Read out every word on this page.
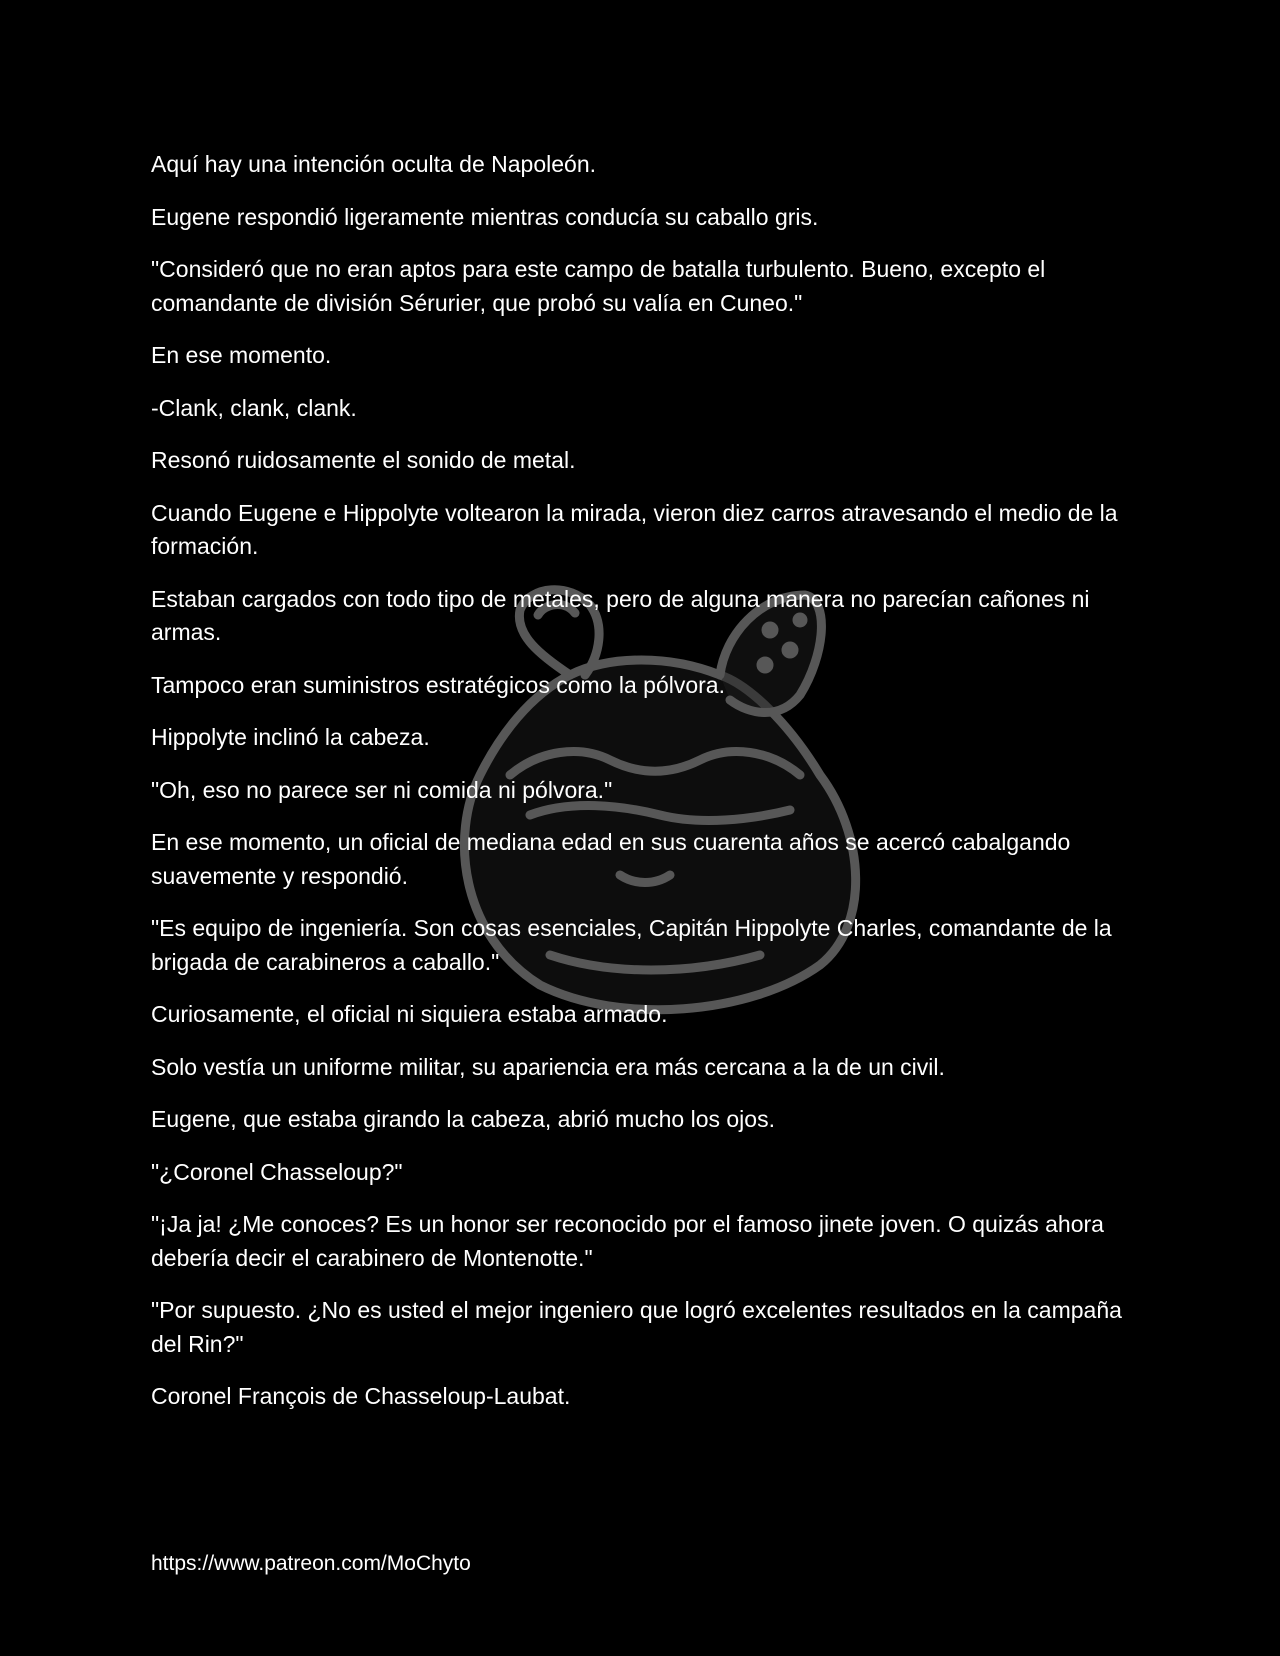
Aquí hay una intención oculta de Napoleón.

Eugene respondió ligeramente mientras conducía su caballo gris.

"Consideró que no eran aptos para este campo de batalla turbulento. Bueno, excepto el comandante de división Sérurier, que probó su valía en Cuneo."

En ese momento.

-Clank, clank, clank.

Resonó ruidosamente el sonido de metal.

Cuando Eugene e Hippolyte voltearon la mirada, vieron diez carros atravesando el medio de la formación.

Estaban cargados con todo tipo de metales, pero de alguna manera no parecían cañones ni armas.

Tampoco eran suministros estratégicos como la pólvora.

Hippolyte inclinó la cabeza.

"Oh, eso no parece ser ni comida ni pólvora."

En ese momento, un oficial de mediana edad en sus cuarenta años se acercó cabalgando suavemente y respondió.

"Es equipo de ingeniería. Son cosas esenciales, Capitán Hippolyte Charles, comandante de la brigada de carabineros a caballo."

Curiosamente, el oficial ni siquiera estaba armado.

Solo vestía un uniforme militar, su apariencia era más cercana a la de un civil.

Eugene, que estaba girando la cabeza, abrió mucho los ojos.

"¿Coronel Chasseloup?"

"¡Ja ja! ¿Me conoces? Es un honor ser reconocido por el famoso jinete joven. O quizás ahora debería decir el carabinero de Montenotte."

"Por supuesto. ¿No es usted el mejor ingeniero que logró excelentes resultados en la campaña del Rin?"

Coronel François de Chasseloup-Laubat.

https://www.patreon.com/MoChyto
